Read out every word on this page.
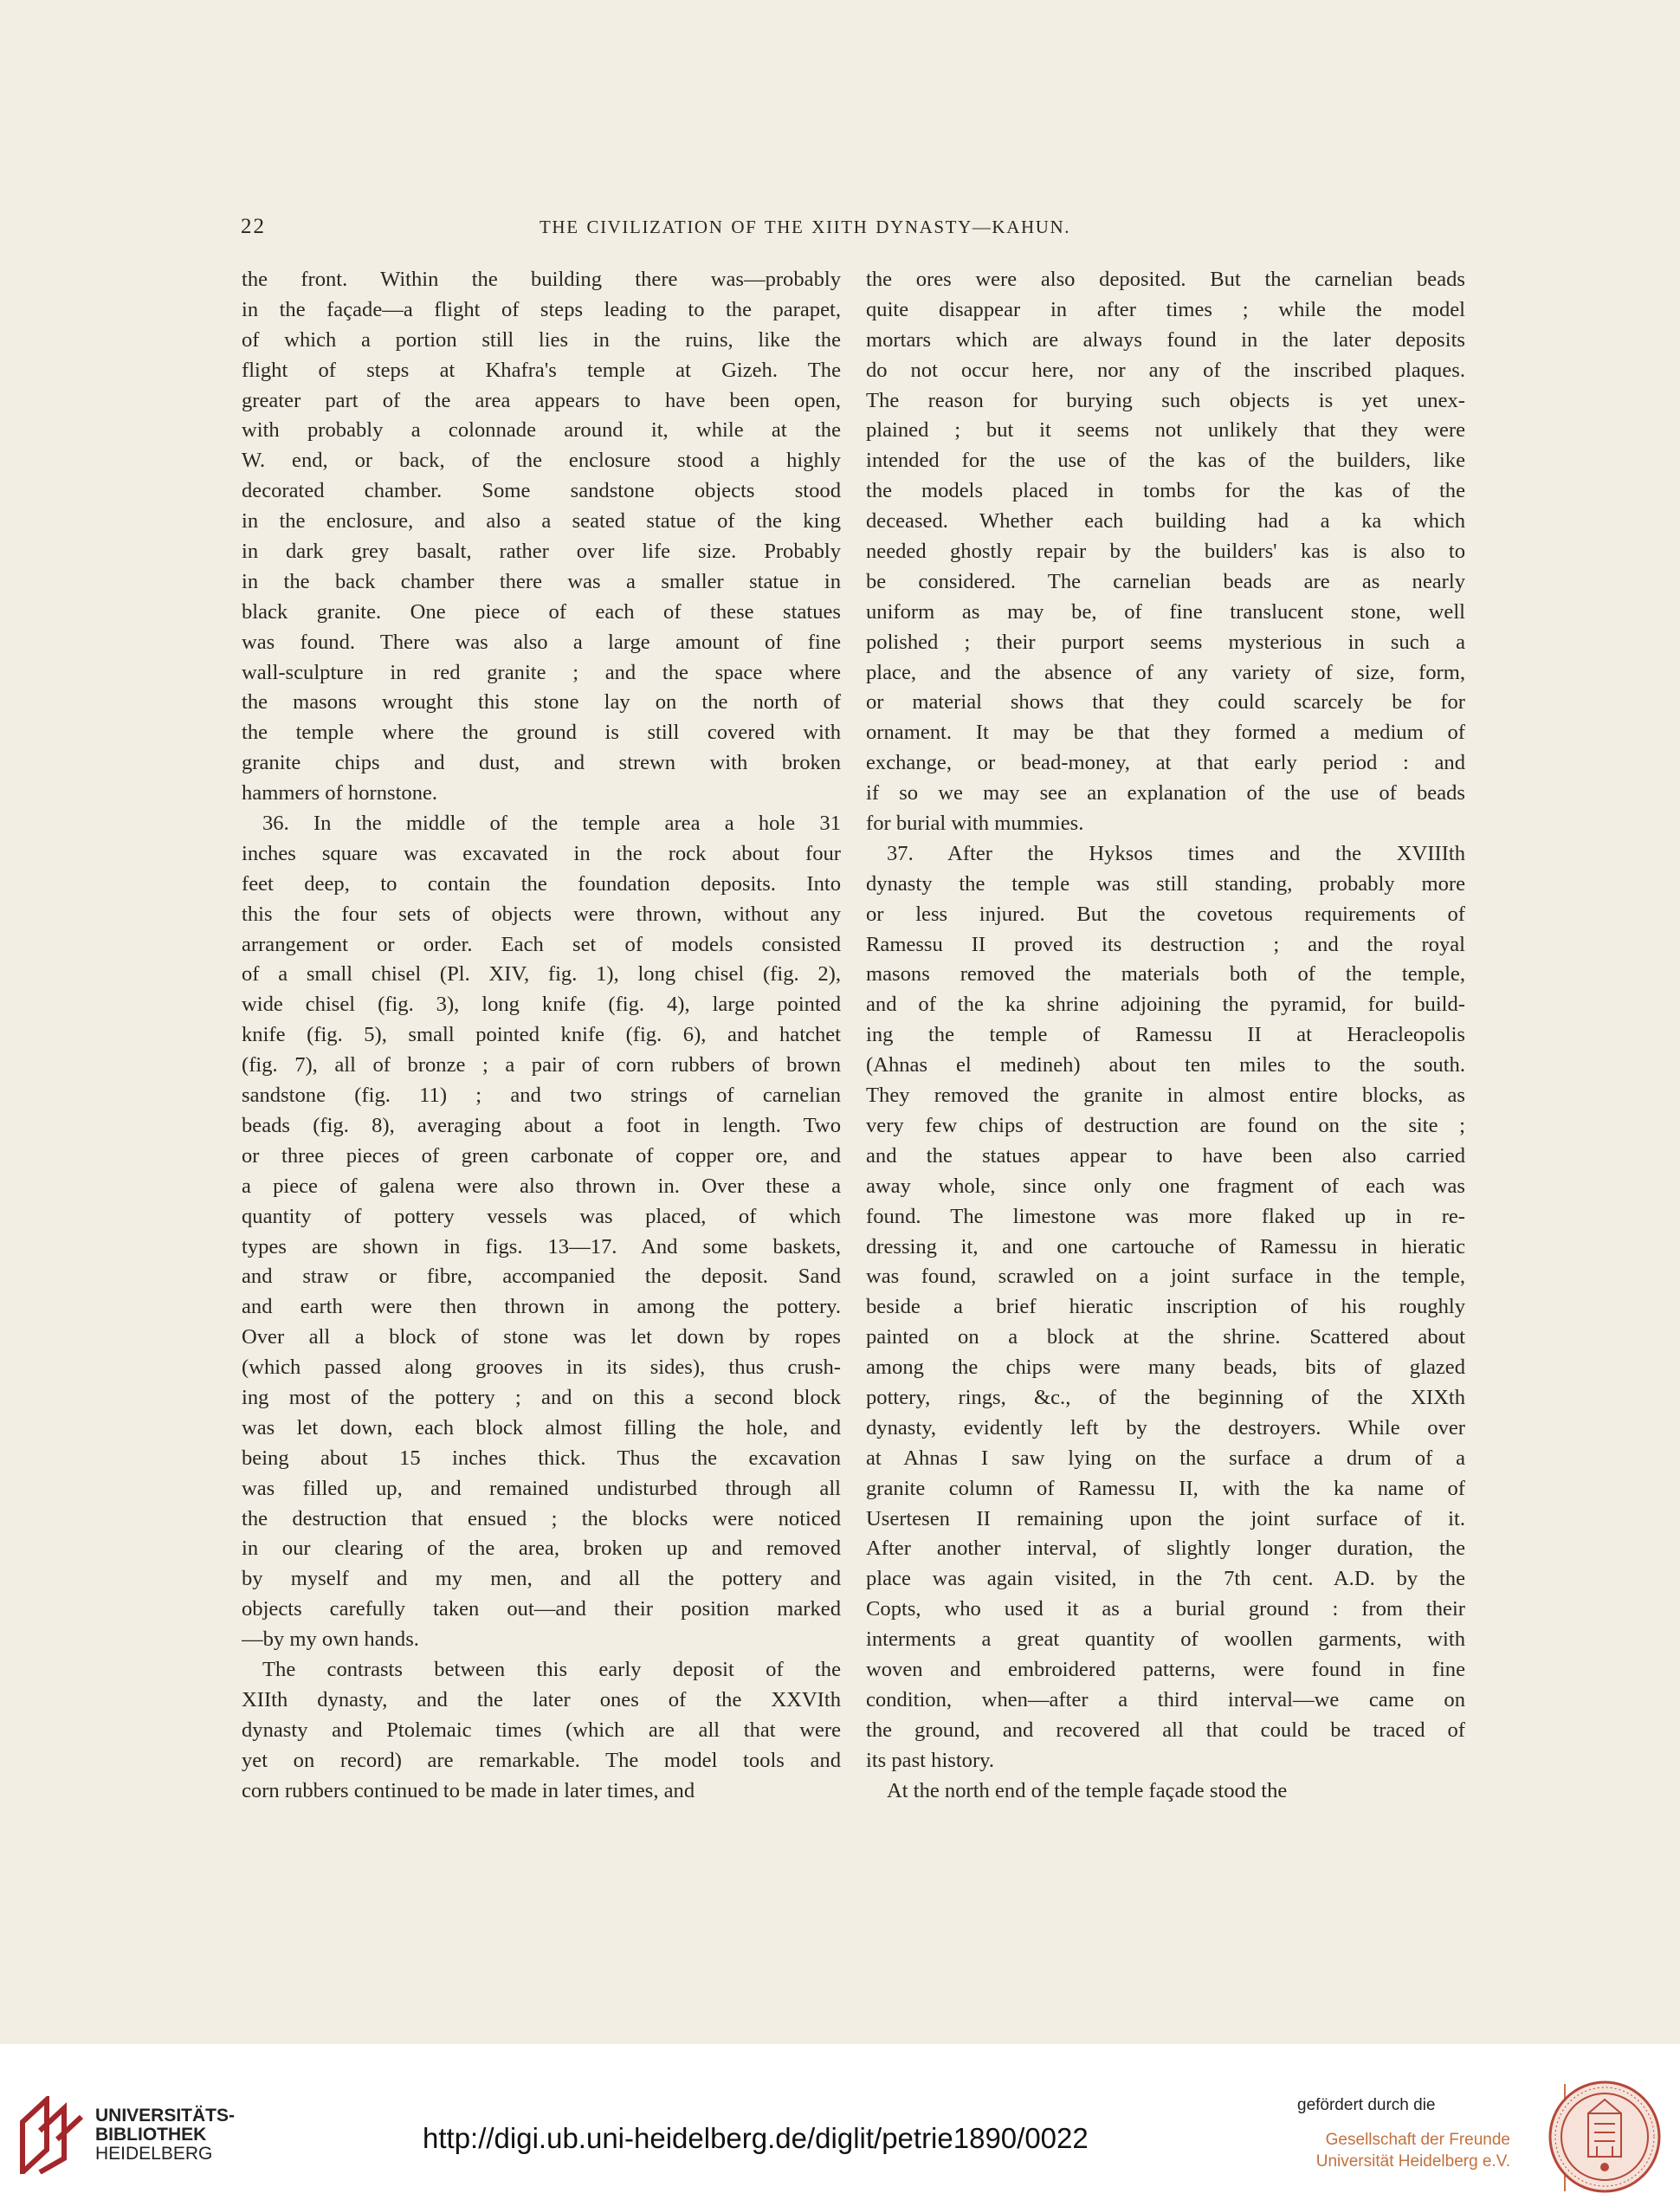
22	THE CIVILIZATION OF THE XIITH DYNASTY—KAHUN.
the front. Within the building there was—probably
in the façade—a flight of steps leading to the parapet,
of which a portion still lies in the ruins, like the
flight of steps at Khafra's temple at Gizeh. The
greater part of the area appears to have been open,
with probably a colonnade around it, while at the
W. end, or back, of the enclosure stood a highly
decorated chamber. Some sandstone objects stood
in the enclosure, and also a seated statue of the king
in dark grey basalt, rather over life size. Probably
in the back chamber there was a smaller statue in
black granite. One piece of each of these statues
was found. There was also a large amount of fine
wall-sculpture in red granite ; and the space where
the masons wrought this stone lay on the north of
the temple where the ground is still covered with
granite chips and dust, and strewn with broken
hammers of hornstone.
36. In the middle of the temple area a hole 31
inches square was excavated in the rock about four
feet deep, to contain the foundation deposits. Into
this the four sets of objects were thrown, without any
arrangement or order. Each set of models consisted
of a small chisel (Pl. XIV, fig. 1), long chisel (fig. 2),
wide chisel (fig. 3), long knife (fig. 4), large pointed
knife (fig. 5), small pointed knife (fig. 6), and hatchet
(fig. 7), all of bronze ; a pair of corn rubbers of brown
sandstone (fig. 11) ; and two strings of carnelian
beads (fig. 8), averaging about a foot in length. Two
or three pieces of green carbonate of copper ore, and
a piece of galena were also thrown in. Over these a
quantity of pottery vessels was placed, of which
types are shown in figs. 13—17. And some baskets,
and straw or fibre, accompanied the deposit. Sand
and earth were then thrown in among the pottery.
Over all a block of stone was let down by ropes
(which passed along grooves in its sides), thus crush-
ing most of the pottery ; and on this a second block
was let down, each block almost filling the hole, and
being about 15 inches thick. Thus the excavation
was filled up, and remained undisturbed through all
the destruction that ensued ; the blocks were noticed
in our clearing of the area, broken up and removed
by myself and my men, and all the pottery and
objects carefully taken out—and their position marked
—by my own hands.
The contrasts between this early deposit of the
XIIth dynasty, and the later ones of the XXVIth
dynasty and Ptolemaic times (which are all that were
yet on record) are remarkable. The model tools and
corn rubbers continued to be made in later times, and
the ores were also deposited. But the carnelian beads
quite disappear in after times ; while the model
mortars which are always found in the later deposits
do not occur here, nor any of the inscribed plaques.
The reason for burying such objects is yet unex-
plained ; but it seems not unlikely that they were
intended for the use of the kas of the builders, like
the models placed in tombs for the kas of the
deceased. Whether each building had a ka which
needed ghostly repair by the builders' kas is also to
be considered. The carnelian beads are as nearly
uniform as may be, of fine translucent stone, well
polished ; their purport seems mysterious in such a
place, and the absence of any variety of size, form,
or material shows that they could scarcely be for
ornament. It may be that they formed a medium of
exchange, or bead-money, at that early period : and
if so we may see an explanation of the use of beads
for burial with mummies.
37. After the Hyksos times and the XVIIIth
dynasty the temple was still standing, probably more
or less injured. But the covetous requirements of
Ramessu II proved its destruction ; and the royal
masons removed the materials both of the temple,
and of the ka shrine adjoining the pyramid, for build-
ing the temple of Ramessu II at Heracleopolis
(Ahnas el medineh) about ten miles to the south.
They removed the granite in almost entire blocks, as
very few chips of destruction are found on the site ;
and the statues appear to have been also carried
away whole, since only one fragment of each was
found. The limestone was more flaked up in re-
dressing it, and one cartouche of Ramessu in hieratic
was found, scrawled on a joint surface in the temple,
beside a brief hieratic inscription of his roughly
painted on a block at the shrine. Scattered about
among the chips were many beads, bits of glazed
pottery, rings, &c., of the beginning of the XIXth
dynasty, evidently left by the destroyers. While over
at Ahnas I saw lying on the surface a drum of a
granite column of Ramessu II, with the ka name of
Usertesen II remaining upon the joint surface of it.
After another interval, of slightly longer duration, the
place was again visited, in the 7th cent. A.D. by the
Copts, who used it as a burial ground : from their
interments a great quantity of woollen garments, with
woven and embroidered patterns, were found in fine
condition, when—after a third interval—we came on
the ground, and recovered all that could be traced of
its past history.
At the north end of the temple façade stood the
UNIVERSITÄTS-
BIBLIOTHEK
HEIDELBERG	http://digi.ub.uni-heidelberg.de/diglit/petrie1890/0022
gefördert durch die
Gesellschaft der Freunde
Universität Heidelberg e.V.
